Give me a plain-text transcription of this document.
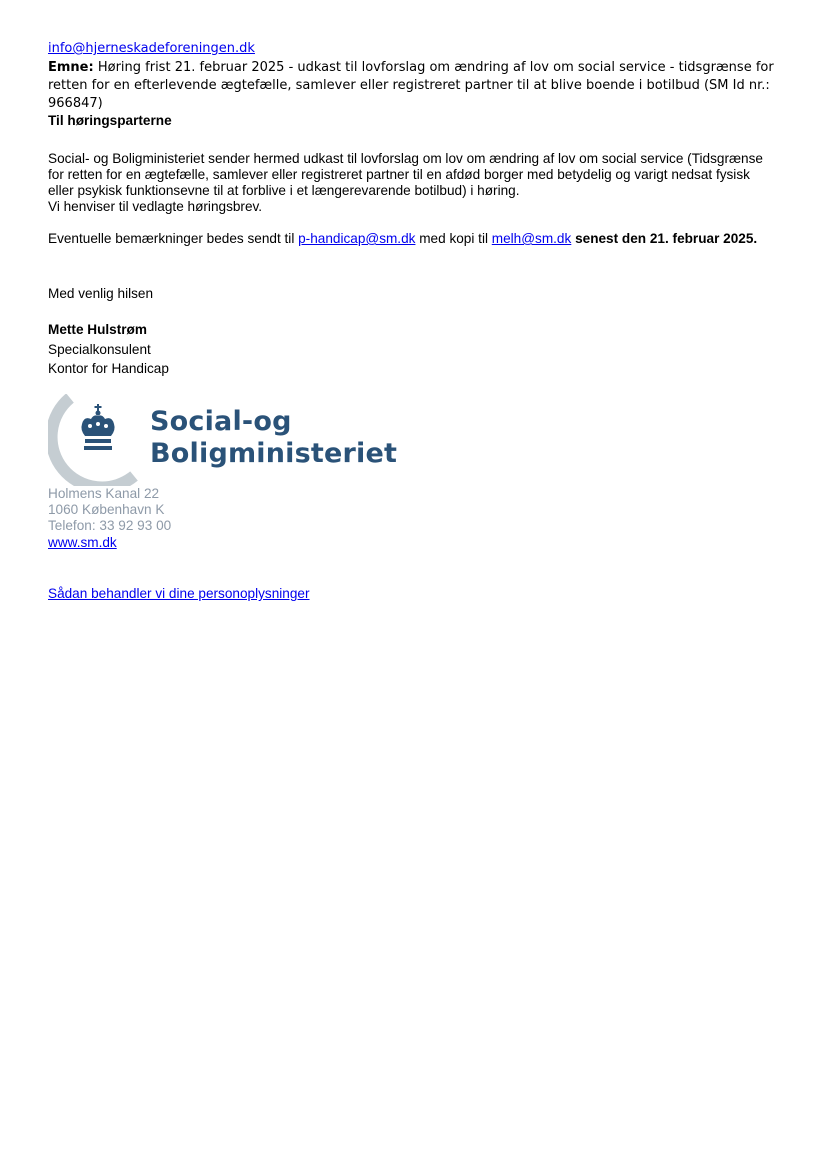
info@hjerneskadeforeningen.dk
Emne: Høring frist 21. februar 2025 - udkast til lovforslag om ændring af lov om social service - tidsgrænse for retten for en efterlevende ægtefælle, samlever eller registreret partner til at blive boende i botilbud (SM Id nr.: 966847)
Til høringsparterne
Social- og Boligministeriet sender hermed udkast til lovforslag om lov om ændring af lov om social service (Tidsgrænse
for retten for en ægtefælle, samlever eller registreret partner til en afdød borger med betydelig og varigt nedsat fysisk
eller psykisk funktionsevne til at forblive i et længerevarende botilbud) i høring.
Vi henviser til vedlagte høringsbrev.
Eventuelle bemærkninger bedes sendt til p-handicap@sm.dk med kopi til melh@sm.dk senest den 21. februar 2025.
Med venlig hilsen
Mette Hulstrøm
Specialkonsulent
Kontor for Handicap
Social-og
Boligministeriet
Holmens Kanal 22
1060 København K
Telefon: 33 92 93 00
www.sm.dk
Sådan behandler vi dine personoplysninger
